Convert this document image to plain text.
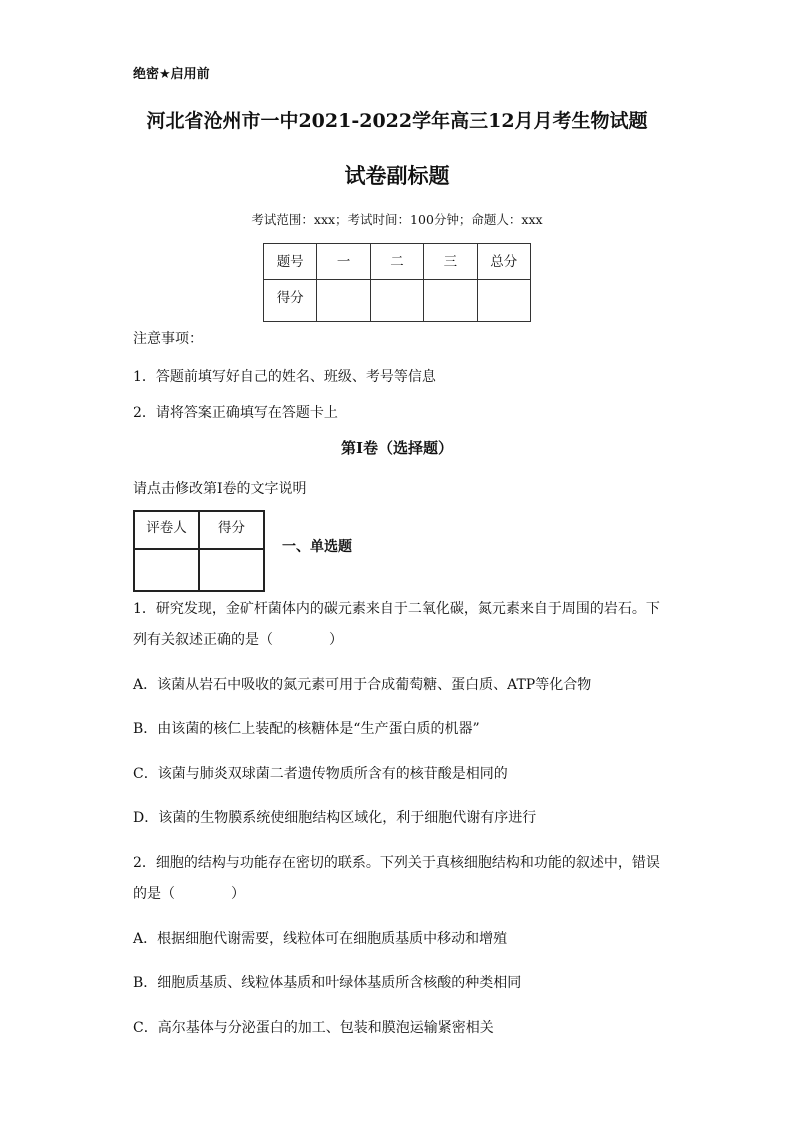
绝密★启用前
河北省沧州市一中2021-2022学年高三12月月考生物试题
试卷副标题
考试范围：xxx；考试时间：100分钟；命题人：xxx
题号	一	二	三	总分
得分				
注意事项：
1．答题前填写好自己的姓名、班级、考号等信息
2．请将答案正确填写在答题卡上
第I卷（选择题）
请点击修改第I卷的文字说明
评卷人	得分

一、单选题
1．研究发现，金矿杆菌体内的碳元素来自于二氧化碳，氮元素来自于周围的岩石。下
列有关叙述正确的是（　　　　）
A．该菌从岩石中吸收的氮元素可用于合成葡萄糖、蛋白质、ATP等化合物
B．由该菌的核仁上装配的核糖体是“生产蛋白质的机器”
C．该菌与肺炎双球菌二者遗传物质所含有的核苷酸是相同的
D．该菌的生物膜系统使细胞结构区域化，利于细胞代谢有序进行
2．细胞的结构与功能存在密切的联系。下列关于真核细胞结构和功能的叙述中，错误
的是（　　　　）
A．根据细胞代谢需要，线粒体可在细胞质基质中移动和增殖
B．细胞质基质、线粒体基质和叶绿体基质所含核酸的种类相同
C．高尔基体与分泌蛋白的加工、包装和膜泡运输紧密相关
